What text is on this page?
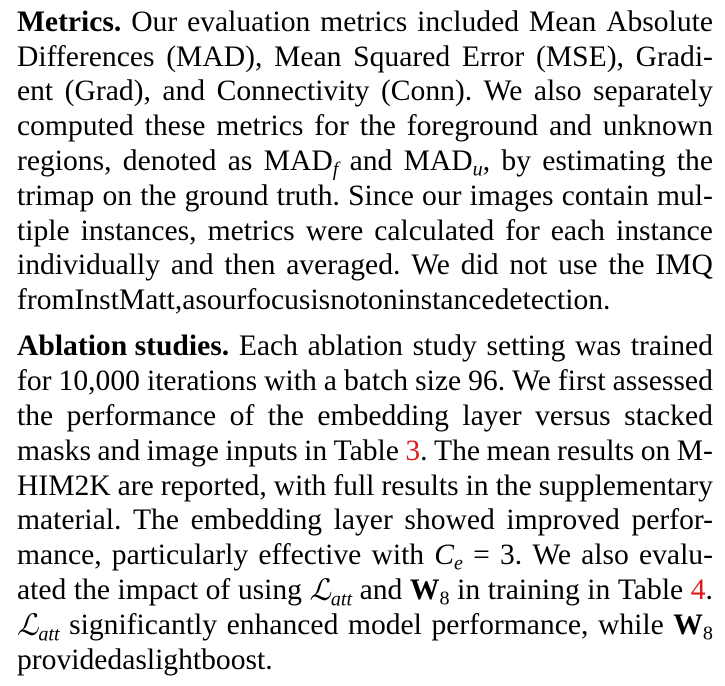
Metrics. Our evaluation metrics included Mean Absolute
Differences (MAD), Mean Squared Error (MSE), Gradi-
ent (Grad), and Connectivity (Conn). We also separately
computed these metrics for the foreground and unknown
regions, denoted as $MAD_f$ and $MAD_u$, by estimating the
trimap on the ground truth. Since our images contain mul-
tiple instances, metrics were calculated for each instance
individually and then averaged. We did not use the IMQ
from InstMatt, as our focus is not on instance detection.
Ablation studies. Each ablation study setting was trained
for 10,000 iterations with a batch size 96. We first assessed
the performance of the embedding layer versus stacked
masks and image inputs in Table 3. The mean results on M-
HIM2K are reported, with full results in the supplementary
material. The embedding layer showed improved perfor-
mance, particularly effective with $C_e = 3$. We also evalu-
ated the impact of using ℒ$_{att}$ and $W_8$ in training in Table 4.
ℒ$_{att}$ significantly enhanced model performance, while $W_8$
provided a slight boost.
